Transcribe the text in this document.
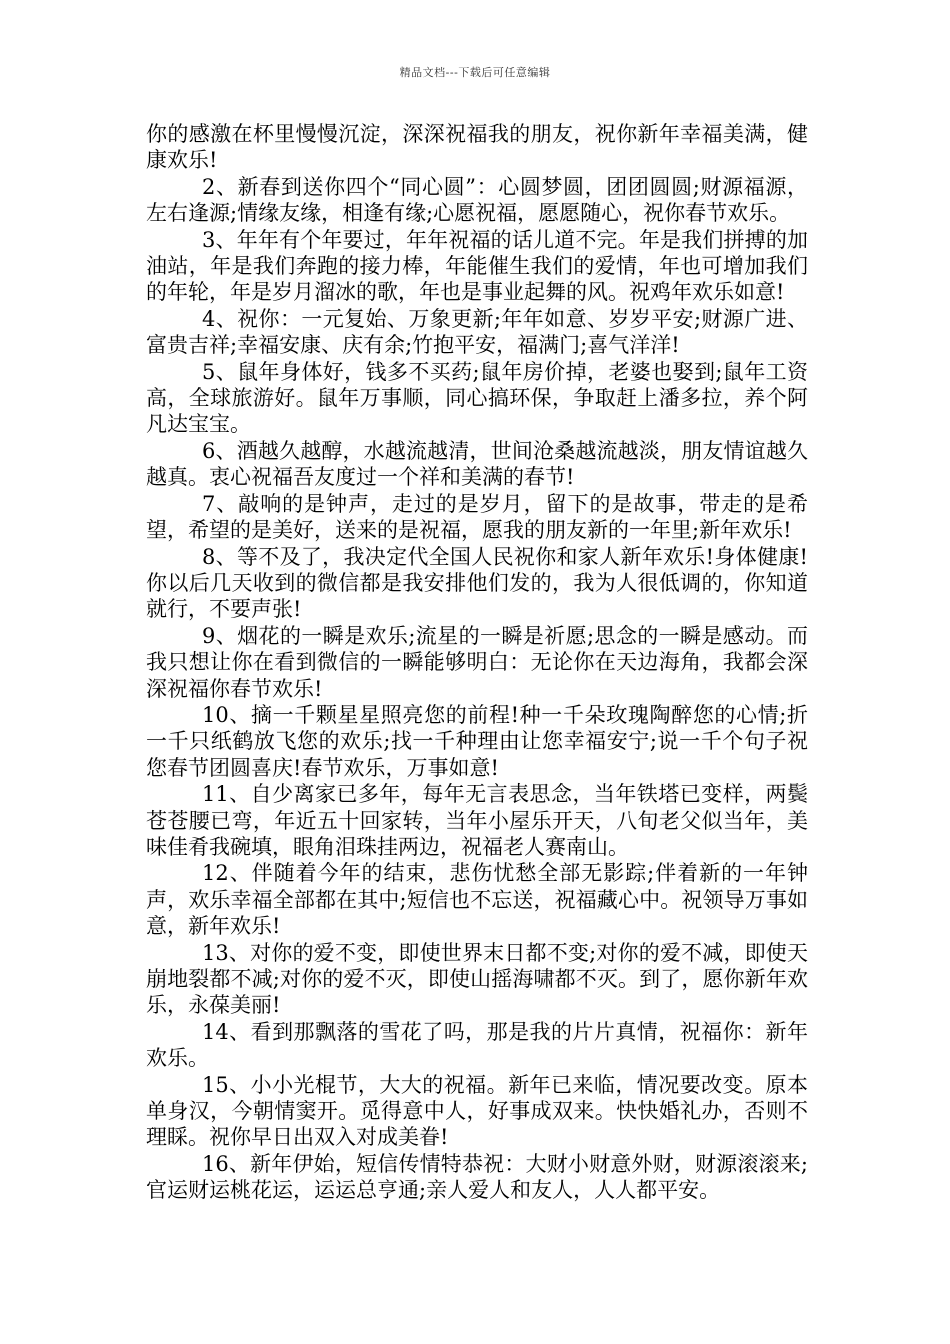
精品文档---下载后可任意编辑

你的感激在杯里慢慢沉淀，深深祝福我的朋友，祝你新年幸福美满，健康欢乐!

2、新春到送你四个“同心圆”：心圆梦圆，团团圆圆;财源福源，左右逢源;情缘友缘，相逢有缘;心愿祝福，愿愿随心，祝你春节欢乐。

3、年年有个年要过，年年祝福的话儿道不完。年是我们拼搏的加油站，年是我们奔跑的接力棒，年能催生我们的爱情，年也可增加我们的年轮，年是岁月溜冰的歌，年也是事业起舞的风。祝鸡年欢乐如意!

4、祝你：一元复始、万象更新;年年如意、岁岁平安;财源广进、富贵吉祥;幸福安康、庆有余;竹抱平安，福满门;喜气洋洋!

5、鼠年身体好，钱多不买药;鼠年房价掉，老婆也娶到;鼠年工资高，全球旅游好。鼠年万事顺，同心搞环保，争取赶上潘多拉，养个阿凡达宝宝。

6、酒越久越醇，水越流越清，世间沧桑越流越淡，朋友情谊越久越真。衷心祝福吾友度过一个祥和美满的春节!

7、敲响的是钟声，走过的是岁月，留下的是故事，带走的是希望，希望的是美好，送来的是祝福，愿我的朋友新的一年里;新年欢乐!

8、等不及了，我决定代全国人民祝你和家人新年欢乐!身体健康!你以后几天收到的微信都是我安排他们发的，我为人很低调的，你知道就行，不要声张!

9、烟花的一瞬是欢乐;流星的一瞬是祈愿;思念的一瞬是感动。而我只想让你在看到微信的一瞬能够明白：无论你在天边海角，我都会深深祝福你春节欢乐!

10、摘一千颗星星照亮您的前程!种一千朵玫瑰陶醉您的心情;折一千只纸鹤放飞您的欢乐;找一千种理由让您幸福安宁;说一千个句子祝您春节团圆喜庆!春节欢乐，万事如意!

11、自少离家已多年，每年无言表思念，当年铁塔已变样，两鬓苍苍腰已弯，年近五十回家转，当年小屋乐开天，八旬老父似当年，美味佳肴我碗填，眼角泪珠挂两边，祝福老人赛南山。

12、伴随着今年的结束，悲伤忧愁全部无影踪;伴着新的一年钟声，欢乐幸福全部都在其中;短信也不忘送，祝福藏心中。祝领导万事如意，新年欢乐!

13、对你的爱不变，即使世界末日都不变;对你的爱不减，即使天崩地裂都不减;对你的爱不灭，即使山摇海啸都不灭。到了，愿你新年欢乐，永葆美丽!

14、看到那飘落的雪花了吗，那是我的片片真情，祝福你：新年欢乐。

15、小小光棍节，大大的祝福。新年已来临，情况要改变。原本单身汉，今朝情窦开。觅得意中人，好事成双来。快快婚礼办，否则不理睬。祝你早日出双入对成美眷!

16、新年伊始，短信传情特恭祝：大财小财意外财，财源滚滚来;官运财运桃花运，运运总亨通;亲人爱人和友人，人人都平安。
